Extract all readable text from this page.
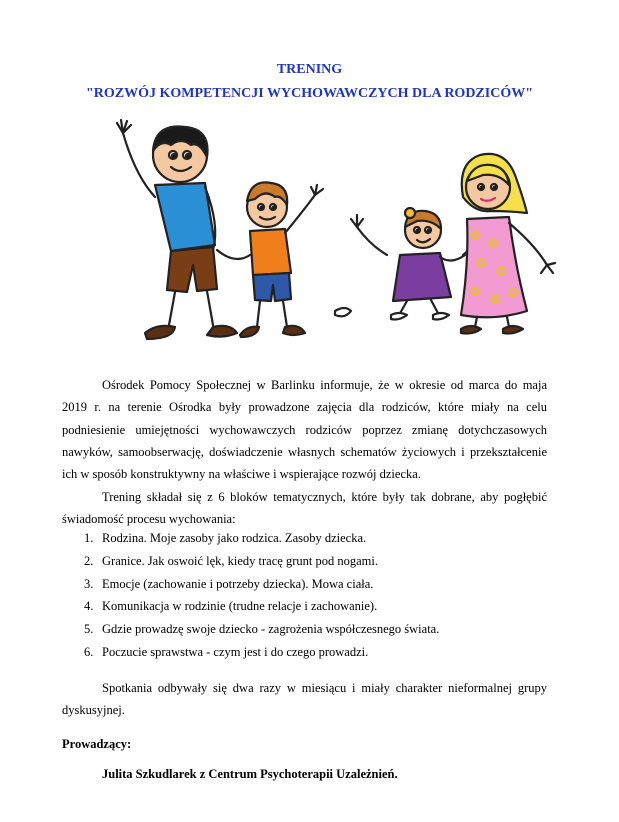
TRENING
"ROZWÓJ KOMPETENCJI WYCHOWAWCZYCH DLA RODZICÓW"
Ośrodek Pomocy Społecznej w Barlinku informuje, że w okresie od marca do maja 2019 r. na terenie Ośrodka były prowadzone zajęcia dla rodziców, które miały na celu podniesienie umiejętności wychowawczych rodziców poprzez zmianę dotychczasowych nawyków, samoobserwację, doświadczenie własnych schematów życiowych i przekształcenie ich w sposób konstruktywny na właściwe i wspierające rozwój dziecka.
Trening składał się z 6 bloków tematycznych, które były tak dobrane, aby pogłębić świadomość procesu wychowania:
1. Rodzina. Moje zasoby jako rodzica. Zasoby dziecka.
2. Granice. Jak oswoić lęk, kiedy tracę grunt pod nogami.
3. Emocje (zachowanie i potrzeby dziecka). Mowa ciała.
4. Komunikacja w rodzinie (trudne relacje i zachowanie).
5. Gdzie prowadzę swoje dziecko - zagrożenia współczesnego świata.
6. Poczucie sprawstwa - czym jest i do czego prowadzi.
Spotkania odbywały się dwa razy w miesiącu i miały charakter nieformalnej grupy dyskusyjnej.
Prowadzący:
Julita Szkudlarek z Centrum Psychoterapii Uzależnień.
